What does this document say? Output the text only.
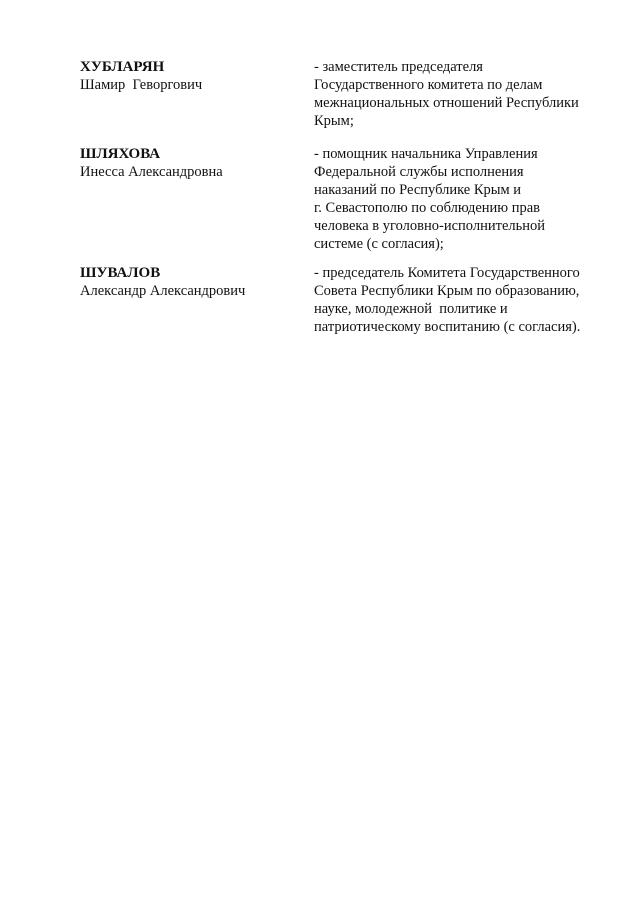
ХУБЛАРЯН
Шамир  Геворгович
- заместитель председателя
Государственного комитета по делам
межнациональных отношений Республики
Крым;
ШЛЯХОВА
Инесса Александровна
- помощник начальника Управления
Федеральной службы исполнения
наказаний по Республике Крым и
г. Севастополю по соблюдению прав
человека в уголовно-исполнительной
системе (с согласия);
ШУВАЛОВ
Александр Александрович
- председатель Комитета Государственного
Совета Республики Крым по образованию,
науке, молодежной  политике и
патриотическому воспитанию (с согласия).
